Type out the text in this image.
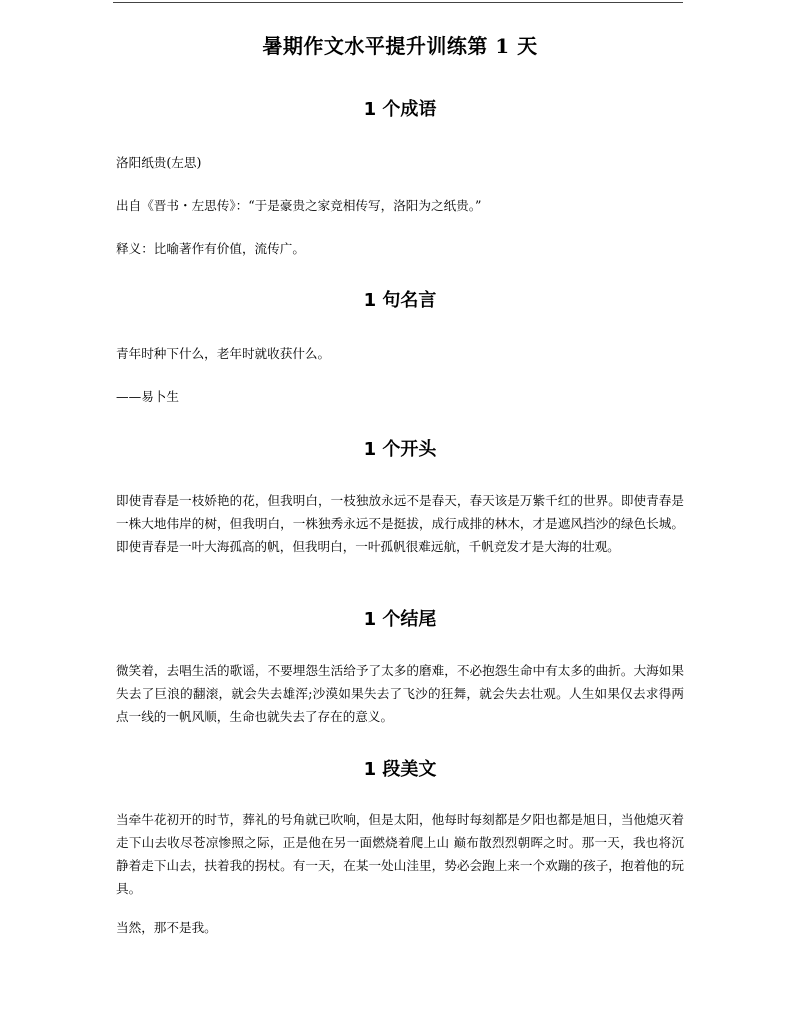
暑期作文水平提升训练第 1 天
1 个成语

洛阳纸贵(左思)

出自《晋书・左思传》：“于是豪贵之家竞相传写，洛阳为之纸贵。”

释义：比喻著作有价值，流传广。

1 句名言

青年时种下什么，老年时就收获什么。

——易卜生

1 个开头

即使青春是一枝娇艳的花，但我明白，一枝独放永远不是春天，春天该是万紫千红的世界。即使青春是一株大地伟岸的树，但我明白，一株独秀永远不是挺拔，成行成排的林木，才是遮风挡沙的绿色长城。即使青春是一叶大海孤高的帆，但我明白，一叶孤帆很难远航，千帆竞发才是大海的壮观。

1 个结尾

微笑着，去唱生活的歌谣，不要埋怨生活给予了太多的磨难，不必抱怨生命中有太多的曲折。大海如果失去了巨浪的翻滚，就会失去雄浑;沙漠如果失去了飞沙的狂舞，就会失去壮观。人生如果仅去求得两点一线的一帆风顺，生命也就失去了存在的意义。

1 段美文

当牵牛花初开的时节，葬礼的号角就已吹响，但是太阳，他每时每刻都是夕阳也都是旭日，当他熄灭着走下山去收尽苍凉惨照之际，正是他在另一面燃烧着爬上山 巅布散烈烈朝晖之时。那一天，我也将沉静着走下山去，扶着我的拐杖。有一天，在某一处山洼里，势必会跑上来一个欢蹦的孩子，抱着他的玩具。

当然，那不是我。
